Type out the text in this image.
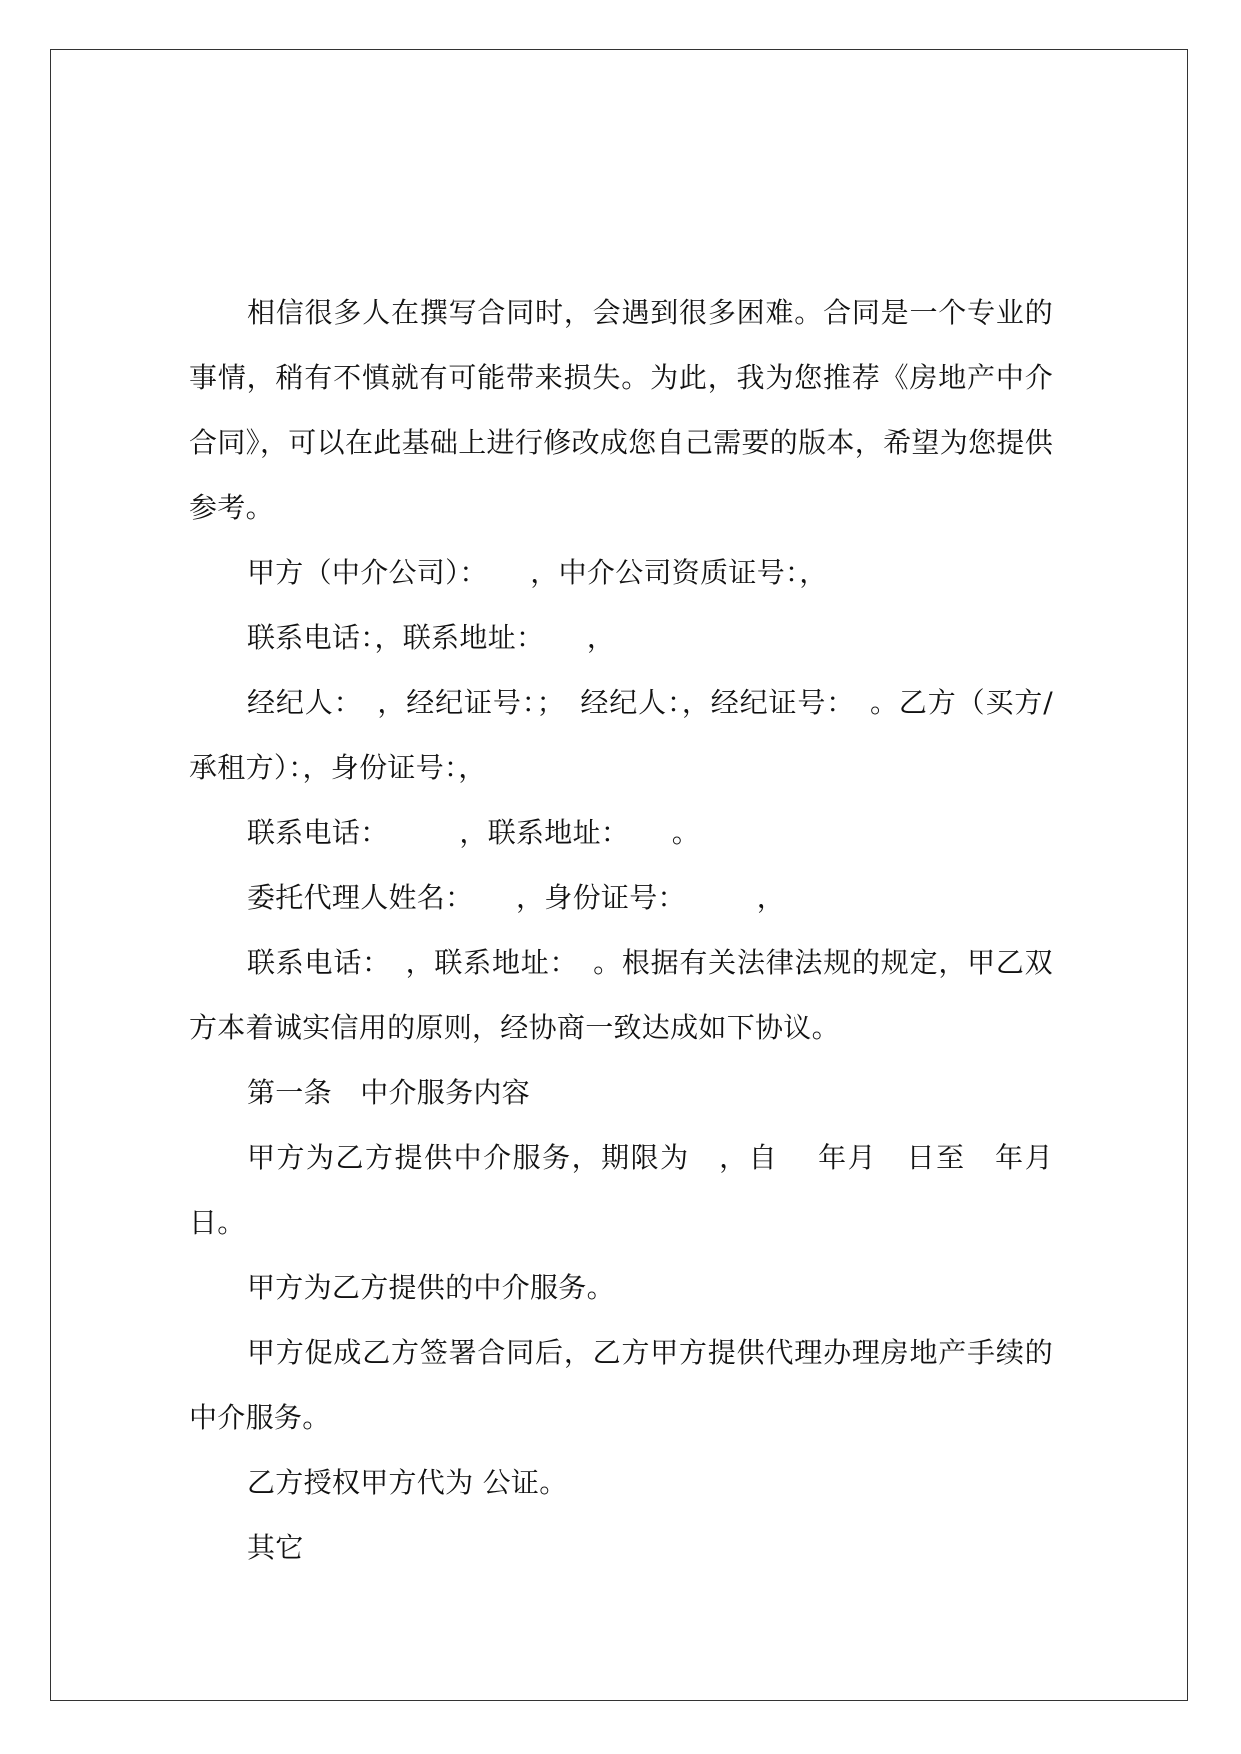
相信很多人在撰写合同时，会遇到很多困难。合同是一个专业的事情，稍有不慎就有可能带来损失。为此，我为您推荐《房地产中介合同》，可以在此基础上进行修改成您自己需要的版本，希望为您提供参考。

甲方（中介公司）：　　，中介公司资质证号：，

联系电话：，联系地址：　　，

经纪人：　，经纪证号：；　经纪人：，经纪证号：　。乙方（买方/承租方）：，身份证号：，

联系电话：　　　，联系地址：　　。

委托代理人姓名：　　，身份证号：　　　，

联系电话：　，联系地址：　。根据有关法律法规的规定，甲乙双方本着诚实信用的原则，经协商一致达成如下协议。

第一条　中介服务内容

甲方为乙方提供中介服务，期限为　，自　 年月　日至　年月日。

甲方为乙方提供的中介服务。

甲方促成乙方签署合同后，乙方甲方提供代理办理房地产手续的中介服务。

乙方授权甲方代为 公证。

其它
